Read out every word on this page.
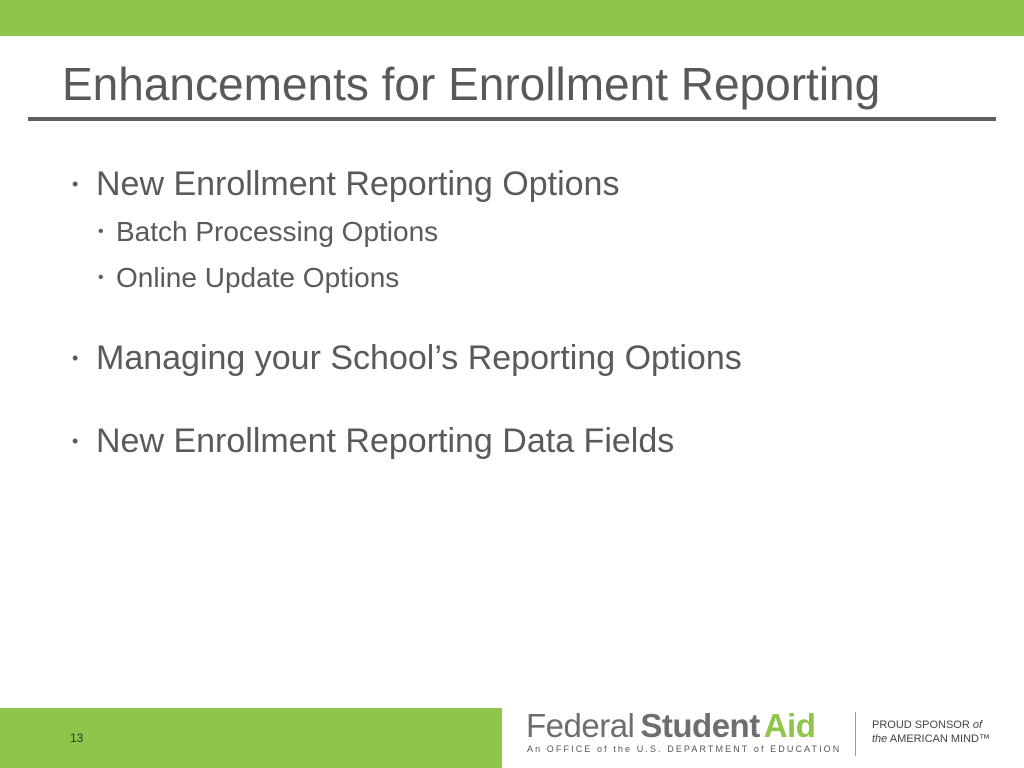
Enhancements for Enrollment Reporting
• New Enrollment Reporting Options
• Batch Processing Options
• Online Update Options
• Managing your School’s Reporting Options
• New Enrollment Reporting Data Fields
13	Federal Student Aid
An OFFICE of the U.S. DEPARTMENT of EDUCATION
PROUD SPONSOR of
the AMERICAN MIND™
